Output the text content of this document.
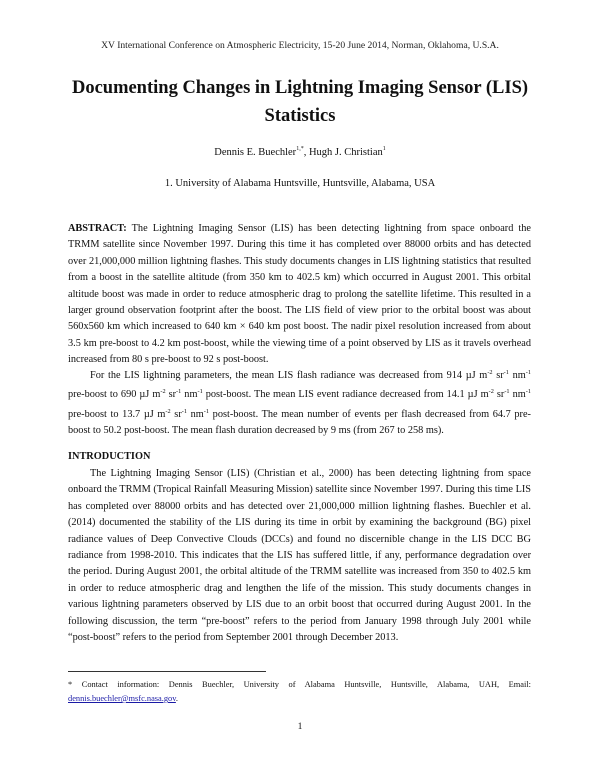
XV International Conference on Atmospheric Electricity, 15-20 June 2014, Norman, Oklahoma, U.S.A.
Documenting Changes in Lightning Imaging Sensor (LIS) Statistics
Dennis E. Buechler$^{1,*}$, Hugh J. Christian$^1$
1. University of Alabama Huntsville, Huntsville, Alabama, USA

ABSTRACT: The Lightning Imaging Sensor (LIS) has been detecting lightning from space onboard the TRMM satellite since November 1997. During this time it has completed over 88000 orbits and has detected over 21,000,000 million lightning flashes. This study documents changes in LIS lightning statistics that resulted from a boost in the satellite altitude (from 350 km to 402.5 km) which occurred in August 2001. This orbital altitude boost was made in order to reduce atmospheric drag to prolong the satellite lifetime. This resulted in a larger ground observation footprint after the boost. The LIS field of view prior to the orbital boost was about 560x560 km which increased to 640 km × 640 km post boost. The nadir pixel resolution increased from about 3.5 km pre-boost to 4.2 km post-boost, while the viewing time of a point observed by LIS as it travels overhead increased from 80 s pre-boost to 92 s post-boost.

For the LIS lightning parameters, the mean LIS flash radiance was decreased from 914 µJ $m^{-2}$ $sr^{-1}$ $nm^{-1}$ pre-boost to 690 µJ $m^{-2}$ $sr^{-1}$ $nm^{-1}$ post-boost. The mean LIS event radiance decreased from 14.1 µJ $m^{-2}$ $sr^{-1}$ $nm^{-1}$ pre-boost to 13.7 µJ $m^{-2}$ $sr^{-1}$ $nm^{-1}$ post-boost. The mean number of events per flash decreased from 64.7 pre-boost to 50.2 post-boost. The mean flash duration decreased by 9 ms (from 267 to 258 ms).

INTRODUCTION

The Lightning Imaging Sensor (LIS) (Christian et al., 2000) has been detecting lightning from space onboard the TRMM (Tropical Rainfall Measuring Mission) satellite since November 1997. During this time LIS has completed over 88000 orbits and has detected over 21,000,000 million lightning flashes. Buechler et al. (2014) documented the stability of the LIS during its time in orbit by examining the background (BG) pixel radiance values of Deep Convective Clouds (DCCs) and found no discernible change in the LIS DCC BG radiance from 1998-2010. This indicates that the LIS has suffered little, if any, performance degradation over the period. During August 2001, the orbital altitude of the TRMM satellite was increased from 350 to 402.5 km in order to reduce atmospheric drag and lengthen the life of the mission. This study documents changes in various lightning parameters observed by LIS due to an orbit boost that occurred during August 2001. In the following discussion, the term “pre-boost” refers to the period from January 1998 through July 2001 while “post-boost” refers to the period from September 2001 through December 2013.

* Contact information: Dennis Buechler, University of Alabama Huntsville, Huntsville, Alabama, UAH, Email: dennis.buechler@msfc.nasa.gov.

1
